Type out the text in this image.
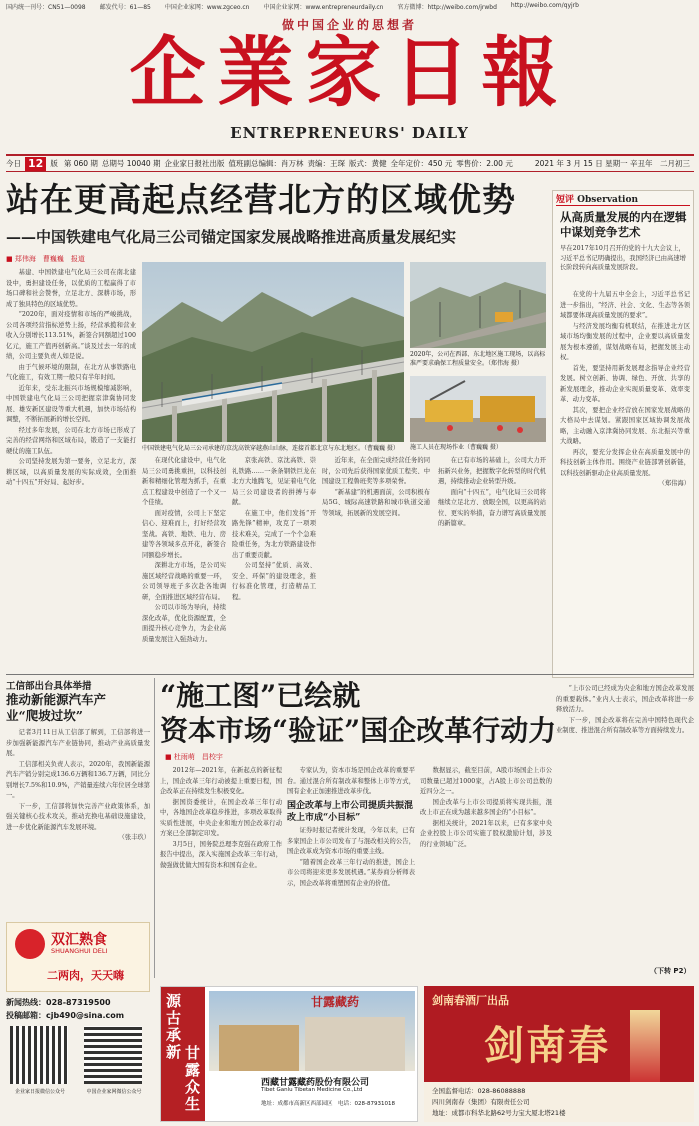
国内统一刊号：CN51—0098 邮发代号：61—85 中国企业家网：www.zgceo.cn 中国企业家网：www.entrepreneurdaily.cn 官方微博：http://weibo.com/jrwbd http://weibo.com/qyjrb
做中国企业的思想者
企業家日報
ENTREPRENEURS' DAILY
今日 12 版 第 060 期 总期号 10040 期 企业家日报社出版 值班副总编辑：肖万林 责编：王琛 版式：黄健 全年定价：450 元 零售价：2.00 元	2021 年 3 月 15 日 星期一 辛丑年　二月初三
站在更高起点经营北方的区域优势
——中国铁建电气化局三公司锚定国家发展战略推进高质量发展纪实
■ 郑伟海　曹巍巍　报道

基建、中国铁建电气化局三公司在南北建设中，勇担建设任务，以优质的工程赢得了市场口碑和社会赞誉，立足北方、深耕市场，形成了独具特色的区域优势。

“2020年，面对疫情和市场的严峻挑战，公司各项经营指标逆势上扬，经营承揽和营业收入分别增长113.51%，新签合同额超过100亿元，施工产值再创新高。”谈及过去一年的成绩，公司主要负责人如是说。

由于气候环境的限制，在北方从事铁路电气化施工，有效工期一般只有半年时间。

近年来，受东北振兴市场规模缩减影响，中国铁建电气化局三公司把握京津冀协同发展、雄安新区建设等重大机遇，加快市场结构调整，不断拓展新的增长空间。

经过多年发展，公司在北方市场已形成了完善的经营网络和区域布局，锻造了一支能打硬仗的施工队伍。

公司坚持发展为第一要务，立足北方，深耕区域，以高质量发展的实际成效，全面推动“十四五”开好局、起好步。

中国铁建电气化局三公司承建的京沈高铁穿越燕山山脉，连接首都北京与东北地区。（曹巍巍 摄）
2020年，公司在西部、东北地区施工现场，以高标准严要求确保工程质量安全。（郑伟海 摄）
施工人员在现场作业（曹巍巍 摄）

在现代化建设中，电气化局三公司勇挑重担，以科技创新和精细化管理为抓手，在重点工程建设中创造了一个又一个佳绩。

面对疫情，公司上下坚定信心、迎难而上，打好经营攻坚战。高铁、地铁、电力、房建等各领域多点开花，新签合同额稳步增长。

深耕北方市场，是公司实施区域经营战略的重要一环，公司领导班子多次赴各地调研，全面推进区域经营布局。

公司以市场为导向，持续深化改革，优化资源配置，全面提升核心竞争力，为企业高质量发展注入强劲动力。

京张高铁、京沈高铁、崇礼铁路……一条条钢铁巨龙在北方大地腾飞，见证着电气化局三公司建设者的拼搏与奉献。

在施工中，他们发扬“开路先锋”精神，攻克了一项项技术难关，完成了一个个急难险重任务，为北方铁路建设作出了重要贡献。

公司坚持“优质、高效、安全、环保”的建设理念，推行标准化管理，打造精品工程。

近年来，在全面完成经营任务的同时，公司先后获得国家优质工程奖、中国建设工程鲁班奖等多项荣誉。

“新基建”的机遇面前，公司积极布局5G、城际高速铁路和城市轨道交通等领域，拓展新的发展空间。

在已有市场的基础上，公司大力开拓新兴业务，把握数字化转型的时代机遇，持续推动企业转型升级。

面向“十四五”，电气化局三公司将继续立足北方、放眼全国，以更高的站位、更实的举措，奋力谱写高质量发展的新篇章。

短评 Observation
从高质量发展的内在逻辑中谋划竞争艺术
早在2017年10月召开的党的十九大会议上，习近平总书记明确提出，我国经济已由高速增长阶段转向高质量发展阶段。

在党的十九届五中全会上，习近平总书记进一步指出，“经济、社会、文化、生态等各领域都要体现高质量发展的要求”。

与经济发展均衡有机联结，在推进北方区域市场均衡发展的过程中，企业要以高质量发展为根本遵循，谋划战略布局，把握发展主动权。

首先，要坚持用新发展理念指导企业经营发展。树立创新、协调、绿色、开放、共享的新发展理念，推动企业实现质量变革、效率变革、动力变革。

其次，要把企业经营放在国家发展战略的大格局中去谋划。紧跟国家区域协调发展战略，主动融入京津冀协同发展、东北振兴等重大战略。

再次，要充分发挥企业在高质量发展中的科技创新主体作用。围绕产业链部署创新链，以科技创新驱动企业高质量发展。

（郑伟海）

工信部出台具体举措
推动新能源汽车产业“爬坡过坎”

记者3月11日从工信部了解到，工信部将进一步加强新能源汽车产业链协同，推动产业高质量发展。

工信部相关负责人表示，2020年，我国新能源汽车产销分别完成136.6万辆和136.7万辆，同比分别增长7.5%和10.9%，产销量连续六年位居全球第一。

下一步，工信部将加快完善产业政策体系，加强关键核心技术攻关，推动充换电基础设施建设，进一步优化新能源汽车发展环境。

（张丰玖）

“施工图”已绘就
资本市场“验证”国企改革行动力
■ 杜雨萌　昌校宇

2012年—2021年，在新起点的新征程上，国企改革三年行动被提上重要日程，国企改革正在持续发生积极变化。

据国资委统计，在国企改革三年行动中，各地国企改革稳步推进，多项改革取得实质性进展，中央企业和地方国企改革行动方案已全部制定印发。

3月5日，国务院总理李克强在政府工作报告中提出，深入实施国企改革三年行动，做强做优做大国有资本和国有企业。

专家认为，资本市场是国企改革的重要平台。通过混合所有制改革和整体上市等方式，国有企业正加速推进改革步伐。

国企改革与上市公司提质共振混改上市成“小目标”

证券时报记者统计发现，今年以来，已有多家国企上市公司发布了与混改相关的公告，国企改革成为资本市场的重要主线。

“随着国企改革三年行动的推进，国企上市公司将迎来更多发展机遇。”某券商分析师表示，国企改革将重塑国有企业的价值。

数据显示，截至目前，A股市场国企上市公司数量已超过1000家，占A股上市公司总数的近四分之一。

国企改革与上市公司提质将实现共振，混改上市正在成为越来越多国企的“小目标”。

据相关统计，2021年以来，已有多家中央企业控股上市公司实施了股权激励计划，涉及的行业领域广泛。

“上市公司已经成为央企和地方国企改革发展的重要载体。”业内人士表示，国企改革将进一步释放活力。

下一步，国企改革将在完善中国特色现代企业制度、推进混合所有制改革等方面持续发力。

（下转 P2）
双汇熟食
SHUANGHUI DELI
二两肉，天天嗨
新闻热线：028-87319500
投稿邮箱：cjb490@sina.com
企业家日报微信公众号	中国企业家网微信公众号
源古承新 甘露众生
甘露藏药
西藏甘露藏药股份有限公司
Tibet Ganlu Tibetan Medicine Co.,Ltd
地址：成都市高新区西部园区　电话：028-87931018
剑南春酒厂出品
剑南春
全国监督电话：028-86088888
四川剑南春（集团）有限责任公司
地址：成都市科华北路62号力宝大厦北塔21楼
